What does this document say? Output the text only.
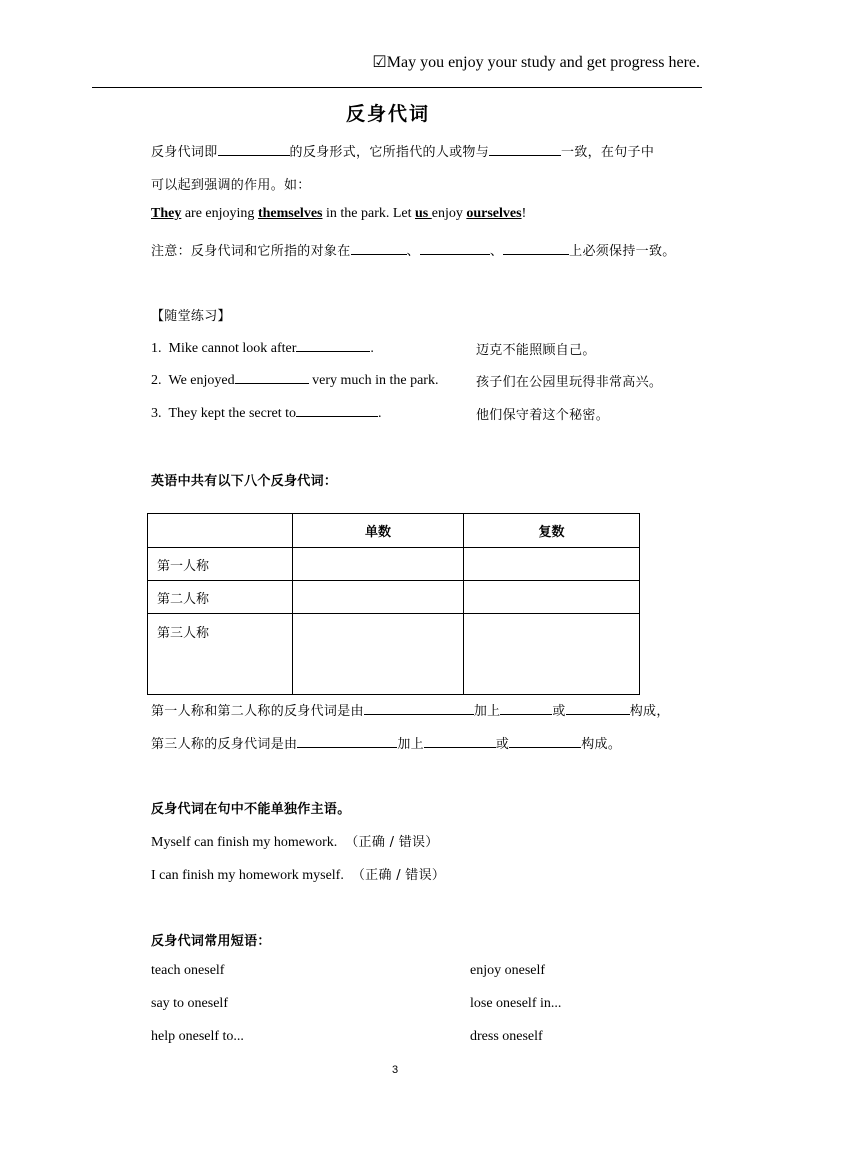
☑May you enjoy your study and get progress here.
反身代词
反身代词即	的反身形式，它所指代的人或物与	一致，在句子中
可以起到强调的作用。如：
They are enjoying themselves in the park. Let us enjoy ourselves!
注意：反身代词和它所指的对象在	、	、	上必须保持一致。
【随堂练习】
1. Mike cannot look after	.	迈克不能照顾自己。
2. We enjoyed	very much in the park.	孩子们在公园里玩得非常高兴。
3. They kept the secret to	.	他们保守着这个秘密。
英语中共有以下八个反身代词：
	单数	复数
第一人称		
第二人称		
第三人称		
第一人称和第二人称的反身代词是由	加上	或	构成，
第三人称的反身代词是由	加上	或	构成。
反身代词在句中不能单独作主语。
Myself can finish my homework. （正确 / 错误）
I can finish my homework myself. （正确 / 错误）
反身代词常用短语：
teach oneself	enjoy oneself
say to oneself	lose oneself in...
help oneself to...	dress oneself
3
